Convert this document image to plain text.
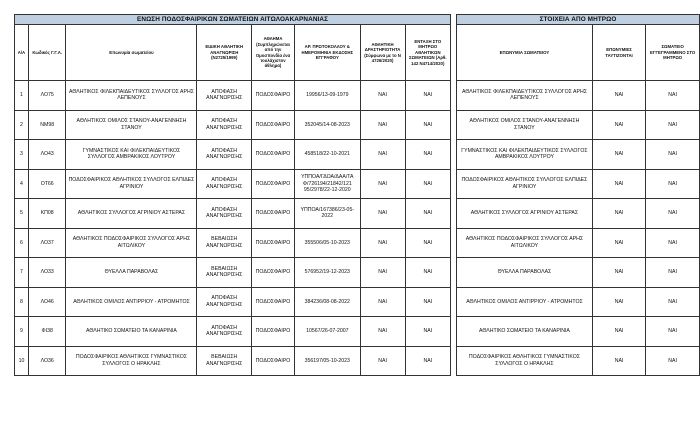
ΕΝΩΣΗ ΠΟΔΟΣΦΑΙΡΙΚΩΝ ΣΩΜΑΤΕΙΩΝ ΑΙΤΩΛΟΑΚΑΡΝΑΝΙΑΣ									ΣΤΟΙΧΕΙΑ ΑΠΟ ΜΗΤΡΩΟ		
Α/Α	Κωδικός Γ.Γ.Α.	Επωνυμία σωματείου	ΕΙΔΙΚΗ ΑΘΛΗΤΙΚΗ ΑΝΑΓΝΩΡΙΣΗ (Ν2725/1999)	ΑΘΛΗΜΑ (Συμπληρώνεται από την Ομοσπονδία ένα τουλάχιστον άθλημα)	ΑΡ. ΠΡΩΤΟΚΟΛΛΟΥ & ΗΜΕΡΟΜΗΝΙΑ ΕΚΔΟΣΗΣ ΕΓΓΡΑΦΟΥ	ΑΘΛΗΤΙΚΗ ΔΡΑΣΤΗΡΙΟΤΗΤΑ (Σύμφωνα με το Ν 4726/2020)	ΕΝΤΑΞΗ ΣΤΟ ΜΗΤΡΩΟ ΑΘΛΗΤΙΚΩΝ ΣΩΜΑΤΕΙΩΝ (Αρθ. 142 Ν4714/2020)		ΕΠΩΝΥΜΙΑ ΣΩΜΑΤΕΙΟΥ	ΕΠΩΝΥΜΙΕΣ ΤΑΥΤΙΖΟΝΤΑΙ	ΣΩΜΑΤΕΙΟ ΕΓΓΕΓΡΑΜΜΕΝΟ ΣΤΟ ΜΗΤΡΩΟ
1	ΛΟ75	ΑΘΛΗΤΙΚΟΣ ΦΙΛΕΚΠΑΙΔΕΥΤΙΚΟΣ ΣΥΛΛΟΓΟΣ ΑΡΗΣ ΛΕΠΕΝΟΥΣ	ΑΠΟΦΑΣΗ ΑΝΑΓΝΩΡΙΣΗΣ	ΠΟΔΟΣΦΑΙΡΟ	19956/13-09-1979	ΝΑΙ	ΝΑΙ		ΑΘΛΗΤΙΚΟΣ ΦΙΛΕΚΠΑΙΔΕΥΤΙΚΟΣ ΣΥΛΛΟΓΟΣ ΑΡΗΣ ΛΕΠΕΝΟΥΣ	ΝΑΙ	ΝΑΙ
2	ΝΜ98	ΑΘΛΗΤΙΚΟΣ ΟΜΙΛΟΣ ΣΤΑΝΟΥ-ΑΝΑΓΕΝΝΗΣΗ ΣΤΑΝΟΥ	ΑΠΟΦΑΣΗ ΑΝΑΓΝΩΡΙΣΗΣ	ΠΟΔΟΣΦΑΙΡΟ	352045/14-08-2023	ΝΑΙ	ΝΑΙ		ΑΘΛΗΤΙΚΟΣ ΟΜΙΛΟΣ ΣΤΑΝΟΥ-ΑΝΑΓΕΝΝΗΣΗ ΣΤΑΝΟΥ	ΝΑΙ	ΝΑΙ
3	ΛΟ43	ΓΥΜΝΑΣΤΙΚΟΣ ΚΑΙ ΦΙΛΕΚΠΑΙΔΕΥΤΙΚΟΣ ΣΥΛΛΟΓΟΣ ΑΜΒΡΑΚΙΚΟΣ ΛΟΥΤΡΟΥ	ΑΠΟΦΑΣΗ ΑΝΑΓΝΩΡΙΣΗΣ	ΠΟΔΟΣΦΑΙΡΟ	458518/22-10-2021	ΝΑΙ	ΝΑΙ		ΓΥΜΝΑΣΤΙΚΟΣ ΚΑΙ ΦΙΛΕΚΠΑΙΔΕΥΤΙΚΟΣ ΣΥΛΛΟΓΟΣ ΑΜΒΡΑΚΙΚΟΣ ΛΟΥΤΡΟΥ	ΝΑΙ	ΝΑΙ
4	ΟΤ66	ΠΟΔΟΣΦΑΙΡΙΚΟΣ ΑΘΛΗΤΙΚΟΣ ΣΥΛΛΟΓΟΣ ΕΛΠΙΔΕΣ ΑΓΡΙΝΙΟΥ	ΑΠΟΦΑΣΗ ΑΝΑΓΝΩΡΙΣΗΣ	ΠΟΔΟΣΦΑΙΡΟ	ΥΠΠΟΑ/ΓΔΟΑ/ΔΑΑ/ΤΑ Φ/726194/21842/121 95/2978/22-12-2020	ΝΑΙ	ΝΑΙ		ΠΟΔΟΣΦΑΙΡΙΚΟΣ ΑΘΛΗΤΙΚΟΣ ΣΥΛΛΟΓΟΣ ΕΛΠΙΔΕΣ ΑΓΡΙΝΙΟΥ	ΝΑΙ	ΝΑΙ
5	ΚΠ08	ΑΘΛΗΤΙΚΟΣ ΣΥΛΛΟΓΟΣ ΑΓΡΙΝΙΟΥ ΑΣΤΕΡΑΣ	ΑΠΟΦΑΣΗ ΑΝΑΓΝΩΡΙΣΗΣ	ΠΟΔΟΣΦΑΙΡΟ	ΥΠΠΟΑ/167386/23-05-2022	ΝΑΙ	ΝΑΙ		ΑΘΛΗΤΙΚΟΣ ΣΥΛΛΟΓΟΣ ΑΓΡΙΝΙΟΥ ΑΣΤΕΡΑΣ	ΝΑΙ	ΝΑΙ
6	ΛΟ37	ΑΘΛΗΤΙΚΟΣ ΠΟΔΟΣΦΑΙΡΙΚΟΣ ΣΥΛΛΟΓΟΣ ΑΡΗΣ ΑΙΤΩΛΙΚΟΥ	ΒΕΒΑΙΩΣΗ ΑΝΑΓΝΩΡΙΣΗΣ	ΠΟΔΟΣΦΑΙΡΟ	355506/05-10-2023	ΝΑΙ	ΝΑΙ		ΑΘΛΗΤΙΚΟΣ ΠΟΔΟΣΦΑΙΡΙΚΟΣ ΣΥΛΛΟΓΟΣ ΑΡΗΣ ΑΙΤΩΛΙΚΟΥ	ΝΑΙ	ΝΑΙ
7	ΛΟ33	ΘΥΕΛΛΑ ΠΑΡΑΒΟΛΑΣ	ΒΕΒΑΙΩΣΗ ΑΝΑΓΝΩΡΙΣΗΣ	ΠΟΔΟΣΦΑΙΡΟ	576952/19-12-2023	ΝΑΙ	ΝΑΙ		ΘΥΕΛΛΑ ΠΑΡΑΒΟΛΑΣ	ΝΑΙ	ΝΑΙ
8	ΛΟ46	ΑΘΛΗΤΙΚΟΣ ΟΜΙΛΟΣ ΑΝΤΙΡΡΙΟΥ - ΑΤΡΟΜΗΤΟΣ	ΑΠΟΦΑΣΗ ΑΝΑΓΝΩΡΙΣΗΣ	ΠΟΔΟΣΦΑΙΡΟ	384236/08-08-2022	ΝΑΙ	ΝΑΙ		ΑΘΛΗΤΙΚΟΣ ΟΜΙΛΟΣ ΑΝΤΙΡΡΙΟΥ - ΑΤΡΟΜΗΤΟΣ	ΝΑΙ	ΝΑΙ
9	ΦΙ38	ΑΘΛΗΤΙΚΟ ΣΩΜΑΤΕΙΟ ΤΑ ΚΑΝΑΡΙΝΙΑ	ΑΠΟΦΑΣΗ ΑΝΑΓΝΩΡΙΣΗΣ	ΠΟΔΟΣΦΑΙΡΟ	10567/26-07-2007	ΝΑΙ	ΝΑΙ		ΑΘΛΗΤΙΚΟ ΣΩΜΑΤΕΙΟ ΤΑ ΚΑΝΑΡΙΝΙΑ	ΝΑΙ	ΝΑΙ
10	ΛΟ36	ΠΟΔΟΣΦΑΙΡΙΚΟΣ ΑΘΛΗΤΙΚΟΣ ΓΥΜΝΑΣΤΙΚΟΣ ΣΥΛΛΟΓΟΣ Ο ΗΡΑΚΛΗΣ	ΒΕΒΑΙΩΣΗ ΑΝΑΓΝΩΡΙΣΗΣ	ΠΟΔΟΣΦΑΙΡΟ	356197/05-10-2023	ΝΑΙ	ΝΑΙ		ΠΟΔΟΣΦΑΙΡΙΚΟΣ ΑΘΛΗΤΙΚΟΣ ΓΥΜΝΑΣΤΙΚΟΣ ΣΥΛΛΟΓΟΣ Ο ΗΡΑΚΛΗΣ	ΝΑΙ	ΝΑΙ
